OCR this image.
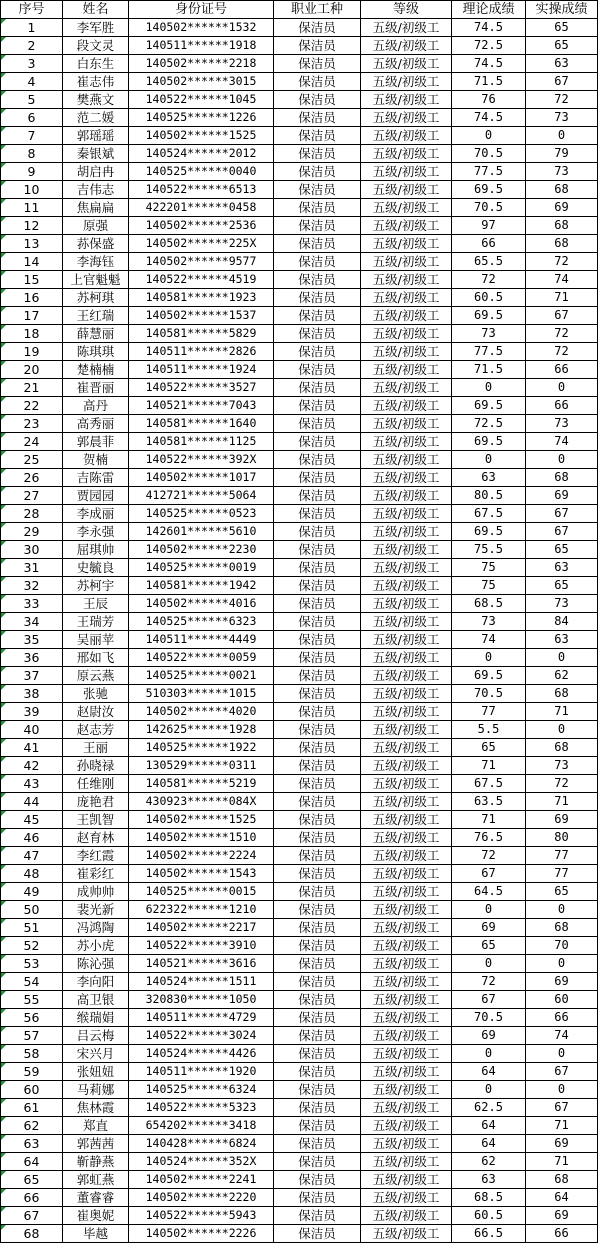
序号	姓名	身份证号	职业工种	等级	理论成绩	实操成绩

1	李军胜	140502******1532	保洁员	五级/初级工	74.5	65

2	段文灵	140511******1918	保洁员	五级/初级工	72.5	65

3	白东生	140502******2218	保洁员	五级/初级工	74.5	63

4	崔志伟	140502******3015	保洁员	五级/初级工	71.5	67

5	樊燕文	140522******1045	保洁员	五级/初级工	76	72

6	范二媛	140525******1226	保洁员	五级/初级工	74.5	73

7	郭瑶瑶	140502******1525	保洁员	五级/初级工	0	0

8	秦银斌	140524******2012	保洁员	五级/初级工	70.5	79

9	胡启冉	140525******0040	保洁员	五级/初级工	77.5	73

10	吉伟志	140522******6513	保洁员	五级/初级工	69.5	68

11	焦扁扁	422201******0458	保洁员	五级/初级工	70.5	69

12	原强	140502******2536	保洁员	五级/初级工	97	68

13	荪保盛	140502******225X	保洁员	五级/初级工	66	68

14	李海钰	140502******9577	保洁员	五级/初级工	65.5	72

15	上官魁魁	140522******4519	保洁员	五级/初级工	72	74

16	苏柯琪	140581******1923	保洁员	五级/初级工	60.5	71

17	王红瑞	140502******1537	保洁员	五级/初级工	69.5	67

18	薛慧丽	140581******5829	保洁员	五级/初级工	73	72

19	陈琪琪	140511******2826	保洁员	五级/初级工	77.5	72

20	楚楠楠	140511******1924	保洁员	五级/初级工	71.5	66

21	崔晋丽	140522******3527	保洁员	五级/初级工	0	0

22	高丹	140521******7043	保洁员	五级/初级工	69.5	66

23	高秀丽	140581******1640	保洁员	五级/初级工	72.5	73

24	郭晨菲	140581******1125	保洁员	五级/初级工	69.5	74

25	贺楠	140522******392X	保洁员	五级/初级工	0	0

26	吉陈雷	140502******1017	保洁员	五级/初级工	63	68

27	贾园园	412721******5064	保洁员	五级/初级工	80.5	69

28	李成丽	140525******0523	保洁员	五级/初级工	67.5	67

29	李永强	142601******5610	保洁员	五级/初级工	69.5	67

30	屈琪帅	140502******2230	保洁员	五级/初级工	75.5	65

31	史毓良	140525******0019	保洁员	五级/初级工	75	63

32	苏柯宇	140581******1942	保洁员	五级/初级工	75	65

33	王辰	140502******4016	保洁员	五级/初级工	68.5	73

34	王瑞芳	140525******6323	保洁员	五级/初级工	73	84

35	吴丽苹	140511******4449	保洁员	五级/初级工	74	63

36	邢如飞	140522******0059	保洁员	五级/初级工	0	0

37	原云燕	140525******0021	保洁员	五级/初级工	69.5	62

38	张驰	510303******1015	保洁员	五级/初级工	70.5	68

39	赵尉汝	140502******4020	保洁员	五级/初级工	77	71

40	赵志芳	142625******1928	保洁员	五级/初级工	5.5	0

41	王丽	140525******1922	保洁员	五级/初级工	65	68

42	孙晓禄	130529******0311	保洁员	五级/初级工	71	73

43	任维刚	140581******5219	保洁员	五级/初级工	67.5	72

44	庞艳君	430923******084X	保洁员	五级/初级工	63.5	71

45	王凯智	140502******1525	保洁员	五级/初级工	71	69

46	赵育林	140502******1510	保洁员	五级/初级工	76.5	80

47	李红霞	140502******2224	保洁员	五级/初级工	72	77

48	崔彩红	140502******1543	保洁员	五级/初级工	67	77

49	成帅帅	140525******0015	保洁员	五级/初级工	64.5	65

50	裴光新	622322******1210	保洁员	五级/初级工	0	0

51	冯鸿陶	140502******2217	保洁员	五级/初级工	69	68

52	苏小虎	140522******3910	保洁员	五级/初级工	65	70

53	陈沁强	140521******3616	保洁员	五级/初级工	0	0

54	李向阳	140524******1511	保洁员	五级/初级工	72	69

55	高卫银	320830******1050	保洁员	五级/初级工	67	60

56	缑瑞娟	140511******4729	保洁员	五级/初级工	70.5	66

57	吕云梅	140522******3024	保洁员	五级/初级工	69	74

58	宋兴月	140524******4426	保洁员	五级/初级工	0	0

59	张妞妞	140511******1920	保洁员	五级/初级工	64	67

60	马莉娜	140525******6324	保洁员	五级/初级工	0	0

61	焦林霞	140522******5323	保洁员	五级/初级工	62.5	67

62	郑直	654202******3418	保洁员	五级/初级工	64	71

63	郭茜茜	140428******6824	保洁员	五级/初级工	64	69

64	靳静燕	140524******352X	保洁员	五级/初级工	62	71

65	郭虹燕	140502******2241	保洁员	五级/初级工	63	68

66	董睿睿	140502******2220	保洁员	五级/初级工	68.5	64

67	崔奥妮	140522******5943	保洁员	五级/初级工	60.5	69

68	毕越	140502******2226	保洁员	五级/初级工	66.5	66
